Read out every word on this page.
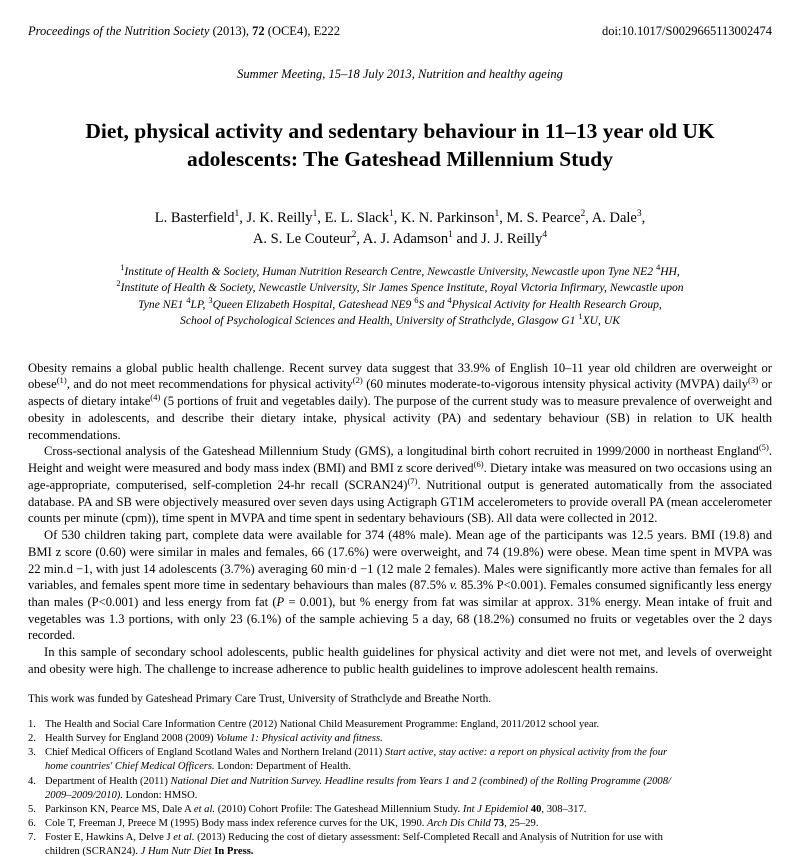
Proceedings of the Nutrition Society (2013), 72 (OCE4), E222	doi:10.1017/S0029665113002474
Summer Meeting, 15–18 July 2013, Nutrition and healthy ageing
Diet, physical activity and sedentary behaviour in 11–13 year old UK adolescents: The Gateshead Millennium Study
L. Basterfield$^1$, J. K. Reilly$^1$, E. L. Slack$^1$, K. N. Parkinson$^1$, M. S. Pearce$^2$, A. Dale$^3$,
A. S. Le Couteur$^2$, A. J. Adamson$^1$ and J. J. Reilly$^4$
$^1$Institute of Health & Society, Human Nutrition Research Centre, Newcastle University, Newcastle upon Tyne NE2 $^4$HH,
$^2$Institute of Health & Society, Newcastle University, Sir James Spence Institute, Royal Victoria Infirmary, Newcastle upon
Tyne NE1 $^4$LP, $^3$Queen Elizabeth Hospital, Gateshead NE9 $^6$S and $^4$Physical Activity for Health Research Group,
School of Psychological Sciences and Health, University of Strathclyde, Glasgow G1 $^1$XU, UK

Obesity remains a global public health challenge. Recent survey data suggest that 33.9% of English 10–11 year old children are overweight or obese$^{(1)}$, and do not meet recommendations for physical activity$^{(2)}$ (60 minutes moderate-to-vigorous intensity physical activity (MVPA) daily$^{(3)}$ or aspects of dietary intake$^{(4)}$ (5 portions of fruit and vegetables daily). The purpose of the current study was to measure prevalence of overweight and obesity in adolescents, and describe their dietary intake, physical activity (PA) and sedentary behaviour (SB) in relation to UK health recommendations.

Cross-sectional analysis of the Gateshead Millennium Study (GMS), a longitudinal birth cohort recruited in 1999/2000 in northeast England$^{(5)}$. Height and weight were measured and body mass index (BMI) and BMI z score derived$^{(6)}$. Dietary intake was measured on two occasions using an age-appropriate, computerised, self-completion 24-hr recall (SCRAN24)$^{(7)}$. Nutritional output is generated automatically from the associated database. PA and SB were objectively measured over seven days using Actigraph GT1M accelerometers to provide overall PA (mean accelerometer counts per minute (cpm)), time spent in MVPA and time spent in sedentary behaviours (SB). All data were collected in 2012.

Of 530 children taking part, complete data were available for 374 (48% male). Mean age of the participants was 12.5 years. BMI (19.8) and BMI z score (0.60) were similar in males and females, 66 (17.6%) were overweight, and 74 (19.8%) were obese. Mean time spent in MVPA was 22 min.d −1, with just 14 adolescents (3.7%) averaging 60 min·d −1 (12 male 2 females). Males were significantly more active than females for all variables, and females spent more time in sedentary behaviours than males (87.5% v. 85.3% P<0.001). Females consumed significantly less energy than males (P<0.001) and less energy from fat (P = 0.001), but % energy from fat was similar at approx. 31% energy. Mean intake of fruit and vegetables was 1.3 portions, with only 23 (6.1%) of the sample achieving 5 a day, 68 (18.2%) consumed no fruits or vegetables over the 2 days recorded.

In this sample of secondary school adolescents, public health guidelines for physical activity and diet were not met, and levels of overweight and obesity were high. The challenge to increase adherence to public health guidelines to improve adolescent health remains.

This work was funded by Gateshead Primary Care Trust, University of Strathclyde and Breathe North.
1. The Health and Social Care Information Centre (2012) National Child Measurement Programme: England, 2011/2012 school year.
2. Health Survey for England 2008 (2009) Volume 1: Physical activity and fitness.
3. Chief Medical Officers of England Scotland Wales and Northern Ireland (2011) Start active, stay active: a report on physical activity from the four
home countries' Chief Medical Officers. London: Department of Health.
4. Department of Health (2011) National Diet and Nutrition Survey. Headline results from Years 1 and 2 (combined) of the Rolling Programme (2008/
2009–2009/2010). London: HMSO.
5. Parkinson KN, Pearce MS, Dale A et al. (2010) Cohort Profile: The Gateshead Millennium Study. Int J Epidemiol 40, 308–317.
6. Cole T, Freeman J, Preece M (1995) Body mass index reference curves for the UK, 1990. Arch Dis Child 73, 25–29.
7. Foster E, Hawkins A, Delve J et al. (2013) Reducing the cost of dietary assessment: Self-Completed Recall and Analysis of Nutrition for use with
children (SCRAN24). J Hum Nutr Diet In Press.
